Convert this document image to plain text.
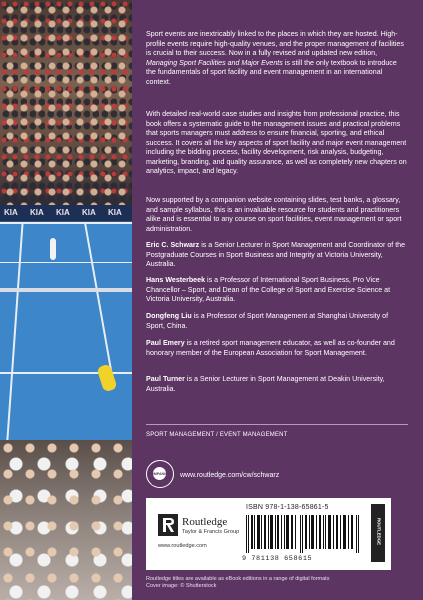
KIA KIA KIA KIA KIA

Sport events are inextricably linked to the places in which they are hosted. High-profile events require high-quality venues, and the proper management of facilities is crucial to their success. Now in a fully revised and updated new edition, Managing Sport Facilities and Major Events is still the only textbook to introduce the fundamentals of sport facility and event management in an international context.

With detailed real-world case studies and insights from professional practice, this book offers a systematic guide to the management issues and practical problems that sports managers must address to ensure financial, sporting, and ethical success. It covers all the key aspects of sport facility and major event management including the bidding process, facility development, risk analysis, budgeting, marketing, branding, and quality assurance, as well as completely new chapters on analytics, impact, and legacy.

Now supported by a companion website containing slides, test banks, a glossary, and sample syllabus, this is an invaluable resource for students and practitioners alike and is essential to any course on sport facilities, event management or sport administration.

Eric C. Schwarz is a Senior Lecturer in Sport Management and Coordinator of the Postgraduate Courses in Sport Business and Integrity at Victoria University, Australia.

Hans Westerbeek is a Professor of International Sport Business, Pro Vice Chancellor – Sport, and Dean of the College of Sport and Exercise Science at Victoria University, Australia.

Dongfeng Liu is a Professor of Sport Management at Shanghai University of Sport, China.

Paul Emery is a retired sport management educator, as well as co-founder and honorary member of the European Association for Sport Management.

Paul Turner is a Senior Lecturer in Sport Management at Deakin University, Australia.

SPORT MANAGEMENT / EVENT MANAGEMENT
COMPANION WEBSITE
www.routledge.com/cw/schwarz
Routledge
Taylor & Francis Group
www.routledge.com
ISBN 978-1-138-65861-5
9 781138 658615
ROUTLEDGE
Routledge titles are available as eBook editions in a range of digital formats
Cover image: © Shutterstock
